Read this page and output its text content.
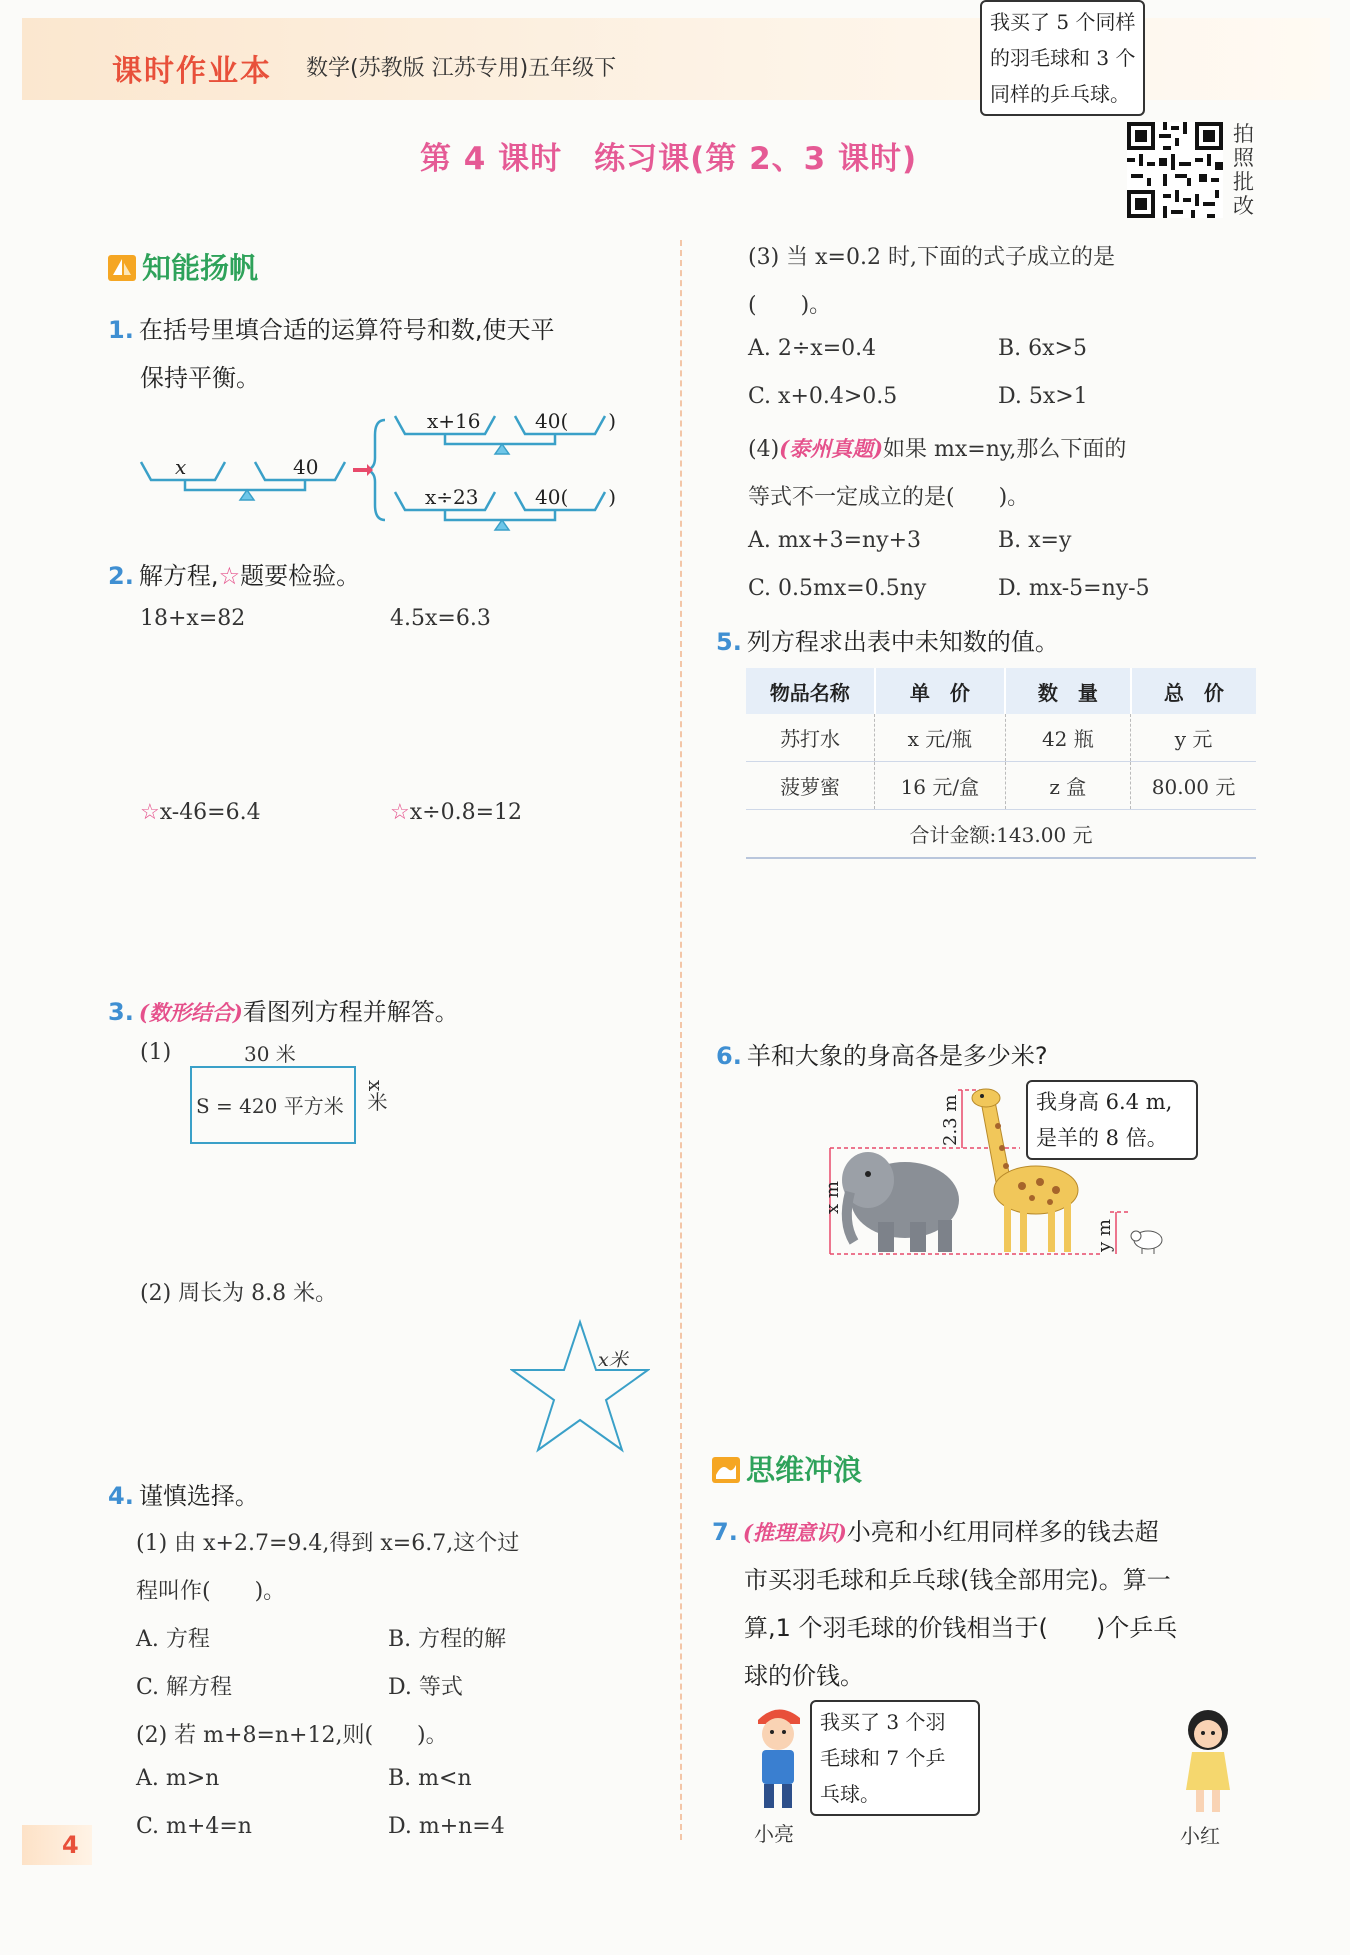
课时作业本 数学(苏教版 江苏专用)五年级下
第 4 课时　练习课(第 2、3 课时)
拍照批改
知能扬帆
1. 在括号里填合适的运算符号和数,使天平
保持平衡。
x	40
x+16	40(　　)
x÷23	40(　　)
2. 解方程,☆题要检验。
18+x=82	4.5x=6.3
☆x-46=6.4	☆x÷0.8=12
3. (数形结合)看图列方程并解答。
(1)	30 米
S = 420 平方米 x米
(2) 周长为 8.8 米。
x米
4. 谨慎选择。
(1) 由 x+2.7=9.4,得到 x=6.7,这个过
程叫作(　　)。
A. 方程	B. 方程的解
C. 解方程	D. 等式
(2) 若 m+8=n+12,则(　　)。
A. m>n	B. m<n
C. m+4=n	D. m+n=4
(3) 当 x=0.2 时,下面的式子成立的是
(　　)。
A. 2÷x=0.4	B. 6x>5
C. x+0.4>0.5	D. 5x>1
(4)(泰州真题)如果 mx=ny,那么下面的
等式不一定成立的是(　　)。
A. mx+3=ny+3	B. x=y
C. 0.5mx=0.5ny	D. mx-5=ny-5
5. 列方程求出表中未知数的值。
物品名称	单　价	数　量	总　价
苏打水	x 元/瓶	42 瓶	y 元
菠萝蜜	16 元/盒	z 盒	80.00 元
合计金额:143.00 元			
6. 羊和大象的身高各是多少米?
x m
2.3 m
y m
我身高 6.4 m,
是羊的 8 倍。
思维冲浪
7. (推理意识)小亮和小红用同样多的钱去超
市买羽毛球和乒乓球(钱全部用完)。算一
算,1 个羽毛球的价钱相当于(　　)个乒乓
球的价钱。
小亮
我买了 3 个羽
毛球和 7 个乒
乓球。
我买了 5 个同样
的羽毛球和 3 个
同样的乒乓球。
小红
4
